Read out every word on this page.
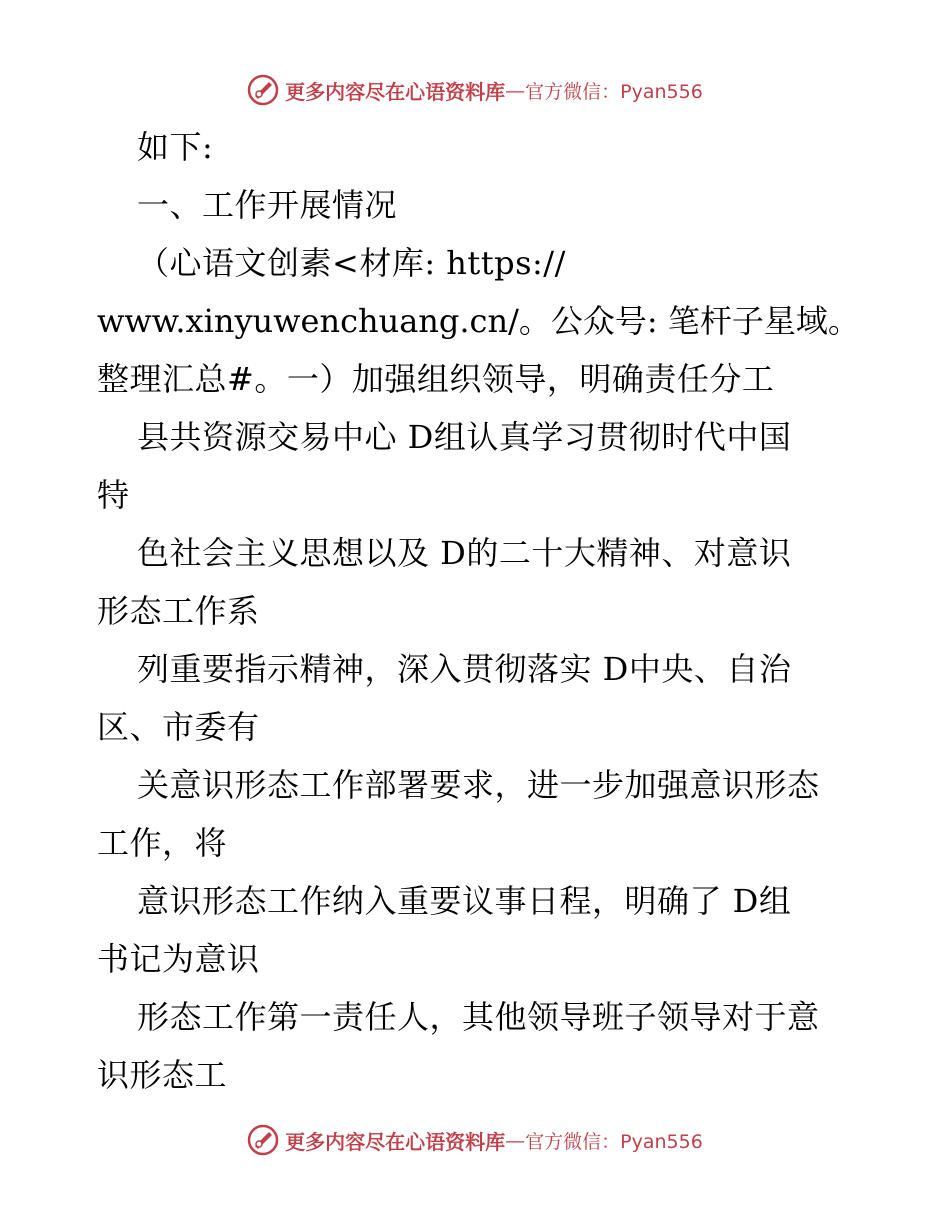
更多内容尽在心语资料库 — 官方微信：Pyan556
如下:
一、工作开展情况
（心语文创素<材库: https://
www.xinyuwenchuang.cn/。公众号: 笔杆子星域。
整理汇总#。一）加强组织领导，明确责任分工
县共资源交易中心 D组认真学习贯彻时代中国
特
色社会主义思想以及 D的二十大精神、对意识
形态工作系
列重要指示精神，深入贯彻落实 D中央、自治
区、市委有
关意识形态工作部署要求，进一步加强意识形态
工作，将
意识形态工作纳入重要议事日程，明确了 D组
书记为意识
形态工作第一责任人，其他领导班子领导对于意
识形态工
更多内容尽在心语资料库 — 官方微信：Pyan556
